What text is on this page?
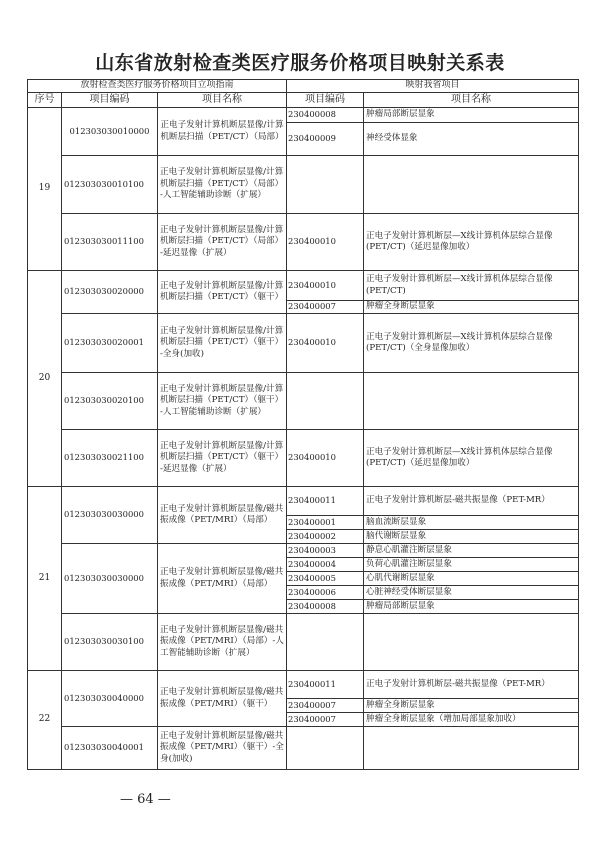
山东省放射检查类医疗服务价格项目映射关系表
放射检查类医疗服务价格项目立项指南			映射我省项目	
序号	项目编码	项目名称	项目编码	项目名称
19	012303030010000	正电子发射计算机断层显像/计算机断层扫描（PET/CT）（局部）	230400008	肿瘤局部断层显象
			230400009	神经受体显象
	012303030010100	正电子发射计算机断层显像/计算机断层扫描（PET/CT）（局部）-人工智能辅助诊断（扩展）		
	012303030011100	正电子发射计算机断层显像/计算机断层扫描（PET/CT）（局部）-延迟显像（扩展）	230400010	正电子发射计算机断层—X线计算机体层综合显像(PET/CT)（延迟显像加收）
20	012303030020000	正电子发射计算机断层显像/计算机断层扫描（PET/CT）（躯干）	230400010	正电子发射计算机断层—X线计算机体层综合显像(PET/CT)
			230400007	肿瘤全身断层显象
	012303030020001	正电子发射计算机断层显像/计算机断层扫描（PET/CT）（躯干）-全身(加收)	230400010	正电子发射计算机断层—X线计算机体层综合显像(PET/CT)（全身显像加收）
	012303030020100	正电子发射计算机断层显像/计算机断层扫描（PET/CT）（躯干）-人工智能辅助诊断（扩展）		
	012303030021100	正电子发射计算机断层显像/计算机断层扫描（PET/CT）（躯干）-延迟显像（扩展）	230400010	正电子发射计算机断层—X线计算机体层综合显像(PET/CT)（延迟显像加收）
21	012303030030000	正电子发射计算机断层显像/磁共振成像（PET/MRI）（局部）	230400011	正电子发射计算机断层-磁共振显像（PET-MR）
			230400001	脑血流断层显象
			230400002	脑代谢断层显象
	012303030030000	正电子发射计算机断层显像/磁共振成像（PET/MRI）（局部）	230400003	静息心肌灌注断层显象
			230400004	负荷心肌灌注断层显象
			230400005	心肌代谢断层显象
			230400006	心脏神经受体断层显象
			230400008	肿瘤局部断层显象
	012303030030100	正电子发射计算机断层显像/磁共振成像（PET/MRI）（局部）-人工智能辅助诊断（扩展）		
22	012303030040000	正电子发射计算机断层显像/磁共振成像（PET/MRI）（躯干）	230400011	正电子发射计算机断层-磁共振显像（PET-MR）
			230400007	肿瘤全身断层显象
			230400007	肿瘤全身断层显象（增加局部显象加收）
	012303030040001	正电子发射计算机断层显像/磁共振成像（PET/MRI）（躯干）-全身(加收)		
— 64 —
